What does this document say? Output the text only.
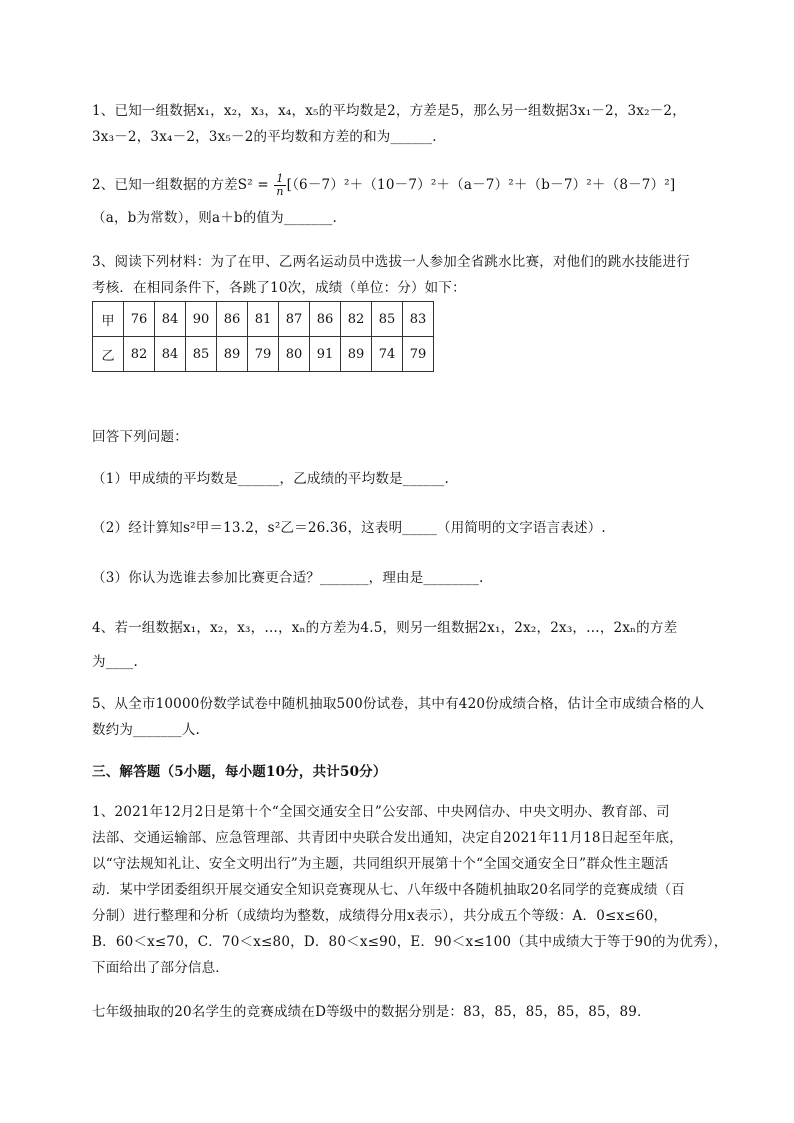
1、已知一组数据x₁，x₂，x₃，x₄，x₅的平均数是2，方差是5，那么另一组数据3x₁－2，3x₂－2，
3x₃－2，3x₄－2，3x₅－2的平均数和方差的和为______.
2、已知一组数据的方差$S^2 = \frac{1}{n} [(6-7)^2+(10-7)^2+(a-7)^2+(b-7)^2+(8-7)^2]$
（a，b为常数），则a＋b的值为_______.
3、阅读下列材料：为了在甲、乙两名运动员中选拔一人参加全省跳水比赛，对他们的跳水技能进行
考核．在相同条件下，各跳了10次，成绩（单位：分）如下：
甲	76	84	90	86	81	87	86	82	85	83
乙	82	84	85	89	79	80	91	89	74	79
回答下列问题：
（1）甲成绩的平均数是______，乙成绩的平均数是______.
（2）经计算知s²甲＝13.2，s²乙＝26.36，这表明_____（用简明的文字语言表述）.
（3）你认为选谁去参加比赛更合适？_______，理由是________.
4、若一组数据x₁，x₂，x₃，…，xₙ的方差为4.5，则另一组数据2x₁，2x₂，2x₃，…，2xₙ的方差
为____.
5、从全市10000份数学试卷中随机抽取500份试卷，其中有420份成绩合格，估计全市成绩合格的人
数约为_______人.
三、解答题（5小题，每小题10分，共计50分）
1、2021年12月2日是第十个“全国交通安全日”公安部、中央网信办、中央文明办、教育部、司
法部、交通运输部、应急管理部、共青团中央联合发出通知，决定自2021年11月18日起至年底，
以“守法规知礼让、安全文明出行”为主题，共同组织开展第十个“全国交通安全日”群众性主题活
动．某中学团委组织开展交通安全知识竞赛现从七、八年级中各随机抽取20名同学的竞赛成绩（百
分制）进行整理和分析（成绩均为整数，成绩得分用x表示），共分成五个等级：A．0≤x≤60，
B．60＜x≤70，C．70＜x≤80，D．80＜x≤90，E．90＜x≤100（其中成绩大于等于90的为优秀），
下面给出了部分信息．
七年级抽取的20名学生的竞赛成绩在D等级中的数据分别是：83，85，85，85，85，89．
